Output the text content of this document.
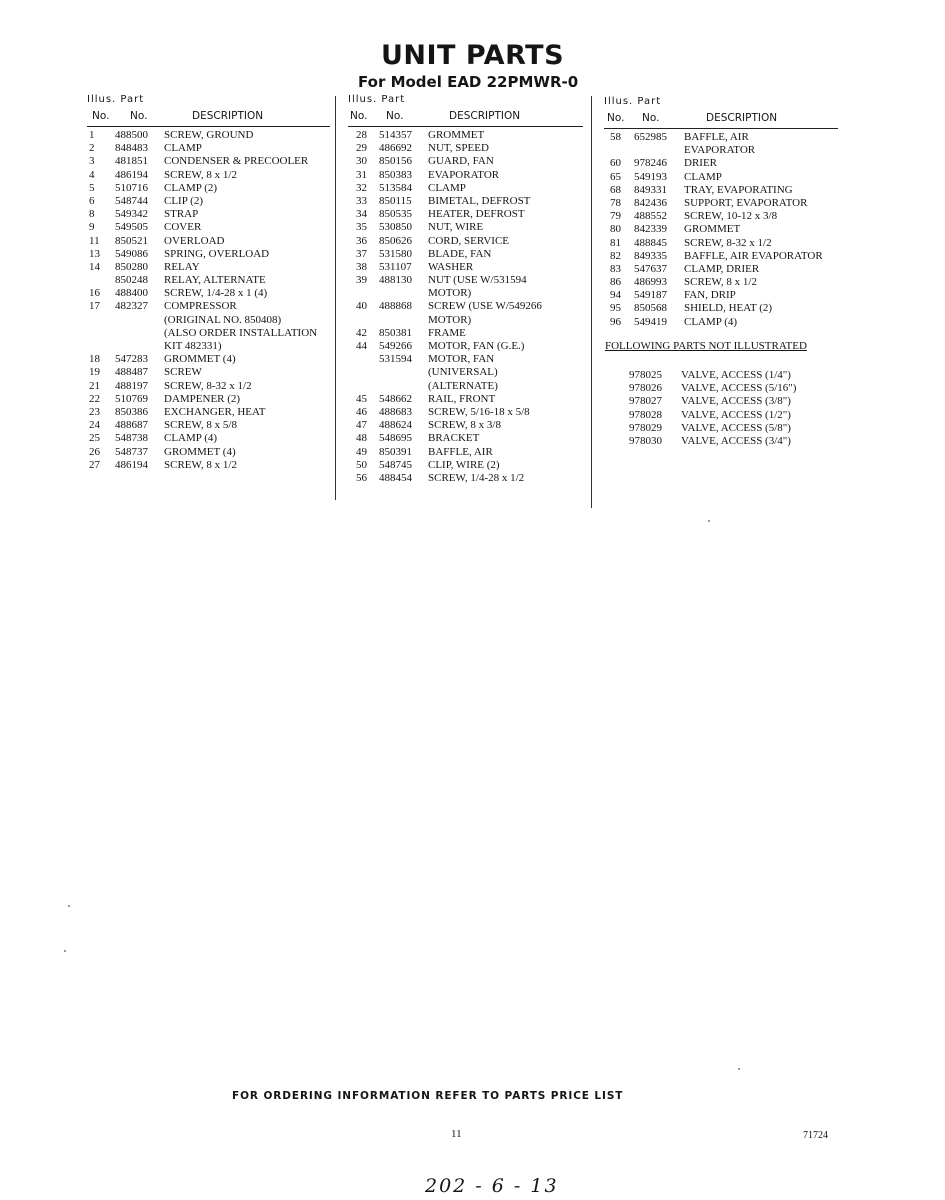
UNIT PARTS
For Model EAD 22PMWR-0
Illus. Part
No. No.	DESCRIPTION
1 488500 SCREW, GROUND
2 848483 CLAMP
3 481851 CONDENSER & PRECOOLER
4 486194 SCREW, 8 x 1/2
5 510716 CLAMP (2)
6 548744 CLIP (2)
8 549342 STRAP
9 549505 COVER
11 850521 OVERLOAD
13 549086 SPRING, OVERLOAD
14 850280 RELAY
850248 RELAY, ALTERNATE
16 488400 SCREW, 1/4-28 x 1 (4)
17 482327 COMPRESSOR
(ORIGINAL NO. 850408)
(ALSO ORDER INSTALLATION
KIT 482331)
18 547283 GROMMET (4)
19 488487 SCREW
21 488197 SCREW, 8-32 x 1/2
22 510769 DAMPENER (2)
23 850386 EXCHANGER, HEAT
24 488687 SCREW, 8 x 5/8
25 548738 CLAMP (4)
26 548737 GROMMET (4)
27 486194 SCREW, 8 x 1/2
Illus. Part
No. No.	DESCRIPTION
28 514357 GROMMET
29 486692 NUT, SPEED
30 850156 GUARD, FAN
31 850383 EVAPORATOR
32 513584 CLAMP
33 850115 BIMETAL, DEFROST
34 850535 HEATER, DEFROST
35 530850 NUT, WIRE
36 850626 CORD, SERVICE
37 531580 BLADE, FAN
38 531107 WASHER
39 488130 NUT (USE W/531594
MOTOR)
40 488868 SCREW (USE W/549266
MOTOR)
42 850381 FRAME
44 549266 MOTOR, FAN (G.E.)
531594 MOTOR, FAN
(UNIVERSAL)
(ALTERNATE)
45 548662 RAIL, FRONT
46 488683 SCREW, 5/16-18 x 5/8
47 488624 SCREW, 8 x 3/8
48 548695 BRACKET
49 850391 BAFFLE, AIR
50 548745 CLIP, WIRE (2)
56 488454 SCREW, 1/4-28 x 1/2
Illus. Part
No. No.	DESCRIPTION
58 652985 BAFFLE, AIR
EVAPORATOR
60 978246 DRIER
65 549193 CLAMP
68 849331 TRAY, EVAPORATING
78 842436 SUPPORT, EVAPORATOR
79 488552 SCREW, 10-12 x 3/8
80 842339 GROMMET
81 488845 SCREW, 8-32 x 1/2
82 849335 BAFFLE, AIR EVAPORATOR
83 547637 CLAMP, DRIER
86 486993 SCREW, 8 x 1/2
94 549187 FAN, DRIP
95 850568 SHIELD, HEAT (2)
96 549419 CLAMP (4)
FOLLOWING PARTS NOT ILLUSTRATED
978025 VALVE, ACCESS (1/4")
978026 VALVE, ACCESS (5/16")
978027 VALVE, ACCESS (3/8")
978028 VALVE, ACCESS (1/2")
978029 VALVE, ACCESS (5/8")
978030 VALVE, ACCESS (3/4")
FOR ORDERING INFORMATION REFER TO PARTS PRICE LIST
11	71724
202 - 6 - 13
